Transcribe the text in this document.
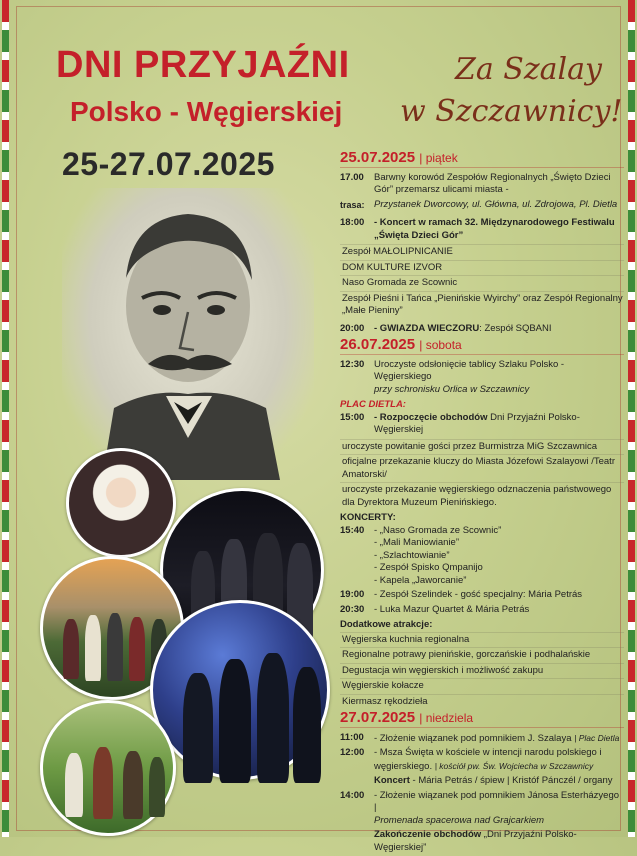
DNI PRZYJAŹNI
Polsko - Węgierskiej
Za Szalay
w Szczawnicy!
25-27.07.2025	25.07.2025 | piątek
17.00	Barwny korowód Zespołów Regionalnych „Święto Dzieci Gór” przemarsz ulicami miasta -
trasa: Przystanek Dworcowy, ul. Główna, ul. Zdrojowa, Pl. Dietla
18:00	- Koncert w ramach 32. Międzynarodowego Festiwalu „Święta Dzieci Gór”
Zespół MAŁOLIPNICANIE
DOM KULTURE IZVOR
Naso Gromada ze Scownic
Zespół Pieśni i Tańca „Pienińskie Wyirchy” oraz Zespół Regionalny „Małe Pieniny”
20:00	- GWIAZDA WIECZORU: Zespół SQBANI
26.07.2025 | sobota
12:30	Uroczyste odsłonięcie tablicy Szlaku Polsko - Węgierskiego
przy schronisku Orlica w Szczawnicy
PLAC DIETLA:
15:00	- Rozpoczęcie obchodów Dni Przyjaźni Polsko-Węgierskiej
uroczyste powitanie gości przez Burmistrza MiG Szczawnica
oficjalne przekazanie kluczy do Miasta Józefowi Szalayowi /Teatr Amatorski/
uroczyste przekazanie węgierskiego odznaczenia państwowego dla Dyrektora Muzeum Pienińskiego.
KONCERTY:
15:40	- „Naso Gromada ze Scownic”
- „Mali Maniowianie”
- „Szlachtowianie”
- Zespół Spisko Qmpanijo
- Kapela „Jaworcanie”
19:00	- Zespół Szelindek - gość specjalny: Mária Petrás
20:30	- Luka Mazur Quartet & Mária Petrás
Dodatkowe atrakcje:
Węgierska kuchnia regionalna
Regionalne potrawy pienińskie, gorczańskie i podhalańskie
Degustacja win węgierskich i możliwość zakupu
Węgierskie kołacze
Kiermasz rękodzieła
27.07.2025 | niedziela
11:00	- Złożenie wiązanek pod pomnikiem J. Szalaya | Plac Dietla
12:00	- Msza Święta w kościele w intencji narodu polskiego i węgierskiego. | kościół pw. Św. Wojciecha w Szczawnicy
Koncert - Mária Petrás / śpiew | Kristóf Pánczél / organy
14:00	- Złożenie wiązanek pod pomnikiem Jánosa Esterházyego |
Promenada spacerowa nad Grajcarkiem
Zakończenie obchodów „Dni Przyjaźni Polsko-Węgierskiej”
